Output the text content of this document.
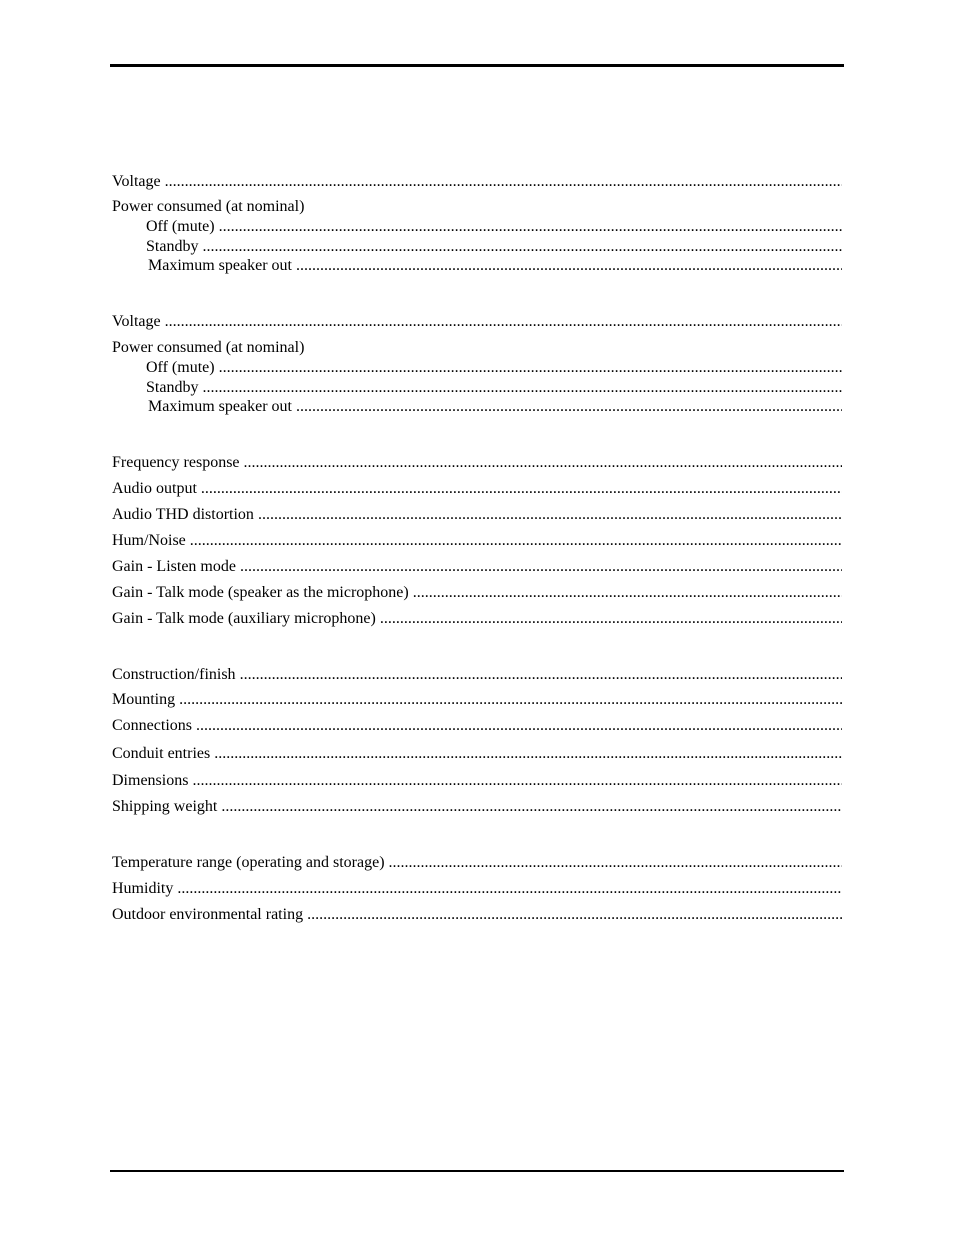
Voltage .....
Power consumed (at nominal)
Off (mute) .....
Standby .....
Maximum speaker out .....
Voltage .....
Power consumed (at nominal)
Off (mute) .....
Standby .....
Maximum speaker out .....
Frequency response .....
Audio output .....
Audio THD distortion .....
Hum/Noise .....
Gain - Listen mode .....
Gain - Talk mode (speaker as the microphone) .....
Gain - Talk mode (auxiliary microphone) .....
Construction/finish .....
Mounting .....
Connections .....
Conduit entries .....
Dimensions .....
Shipping weight .....
Temperature range (operating and storage) .....
Humidity .....
Outdoor environmental rating .....
